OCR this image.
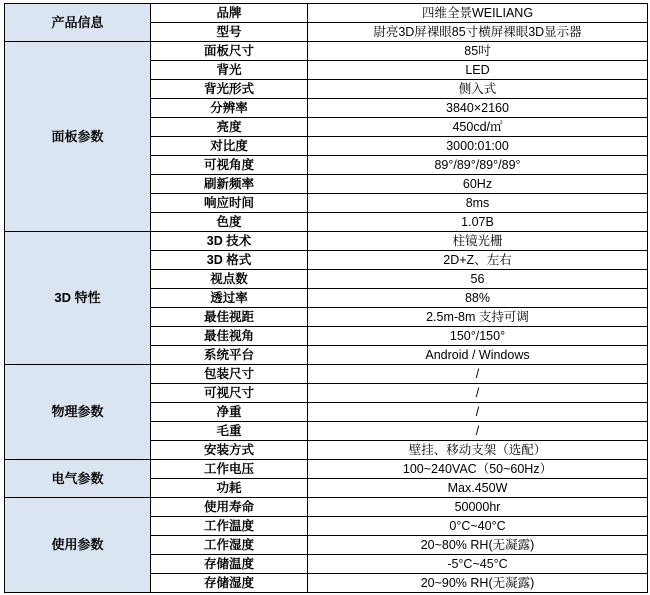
产品信息	品牌	四维全景WEILIANG
	型号	尉亮3D屏裸眼85寸横屏裸眼3D显示器
面板参数	面板尺寸	85吋
	背光	LED
	背光形式	侧入式
	分辨率	3840×2160
	亮度	450cd/㎡
	对比度	3000:01:00
	可视角度	89°/89°/89°/89°
	刷新频率	60Hz
	响应时间	8ms
	色度	1.07B
3D 特性	3D 技术	柱镜光栅
	3D 格式	2D+Z、左右
	视点数	56
	透过率	88%
	最佳视距	2.5m-8m 支持可调
	最佳视角	150°/150°
	系统平台	Android / Windows
物理参数	包装尺寸	/
	可视尺寸	/
	净重	/
	毛重	/
	安装方式	壁挂、移动支架（选配）
电气参数	工作电压	100~240VAC（50~60Hz）
	功耗	Max.450W
使用参数	使用寿命	50000hr
	工作温度	0°C~40°C
	工作湿度	20~80% RH(无凝露)
	存储温度	-5°C~45°C
	存储湿度	20~90% RH(无凝露)
